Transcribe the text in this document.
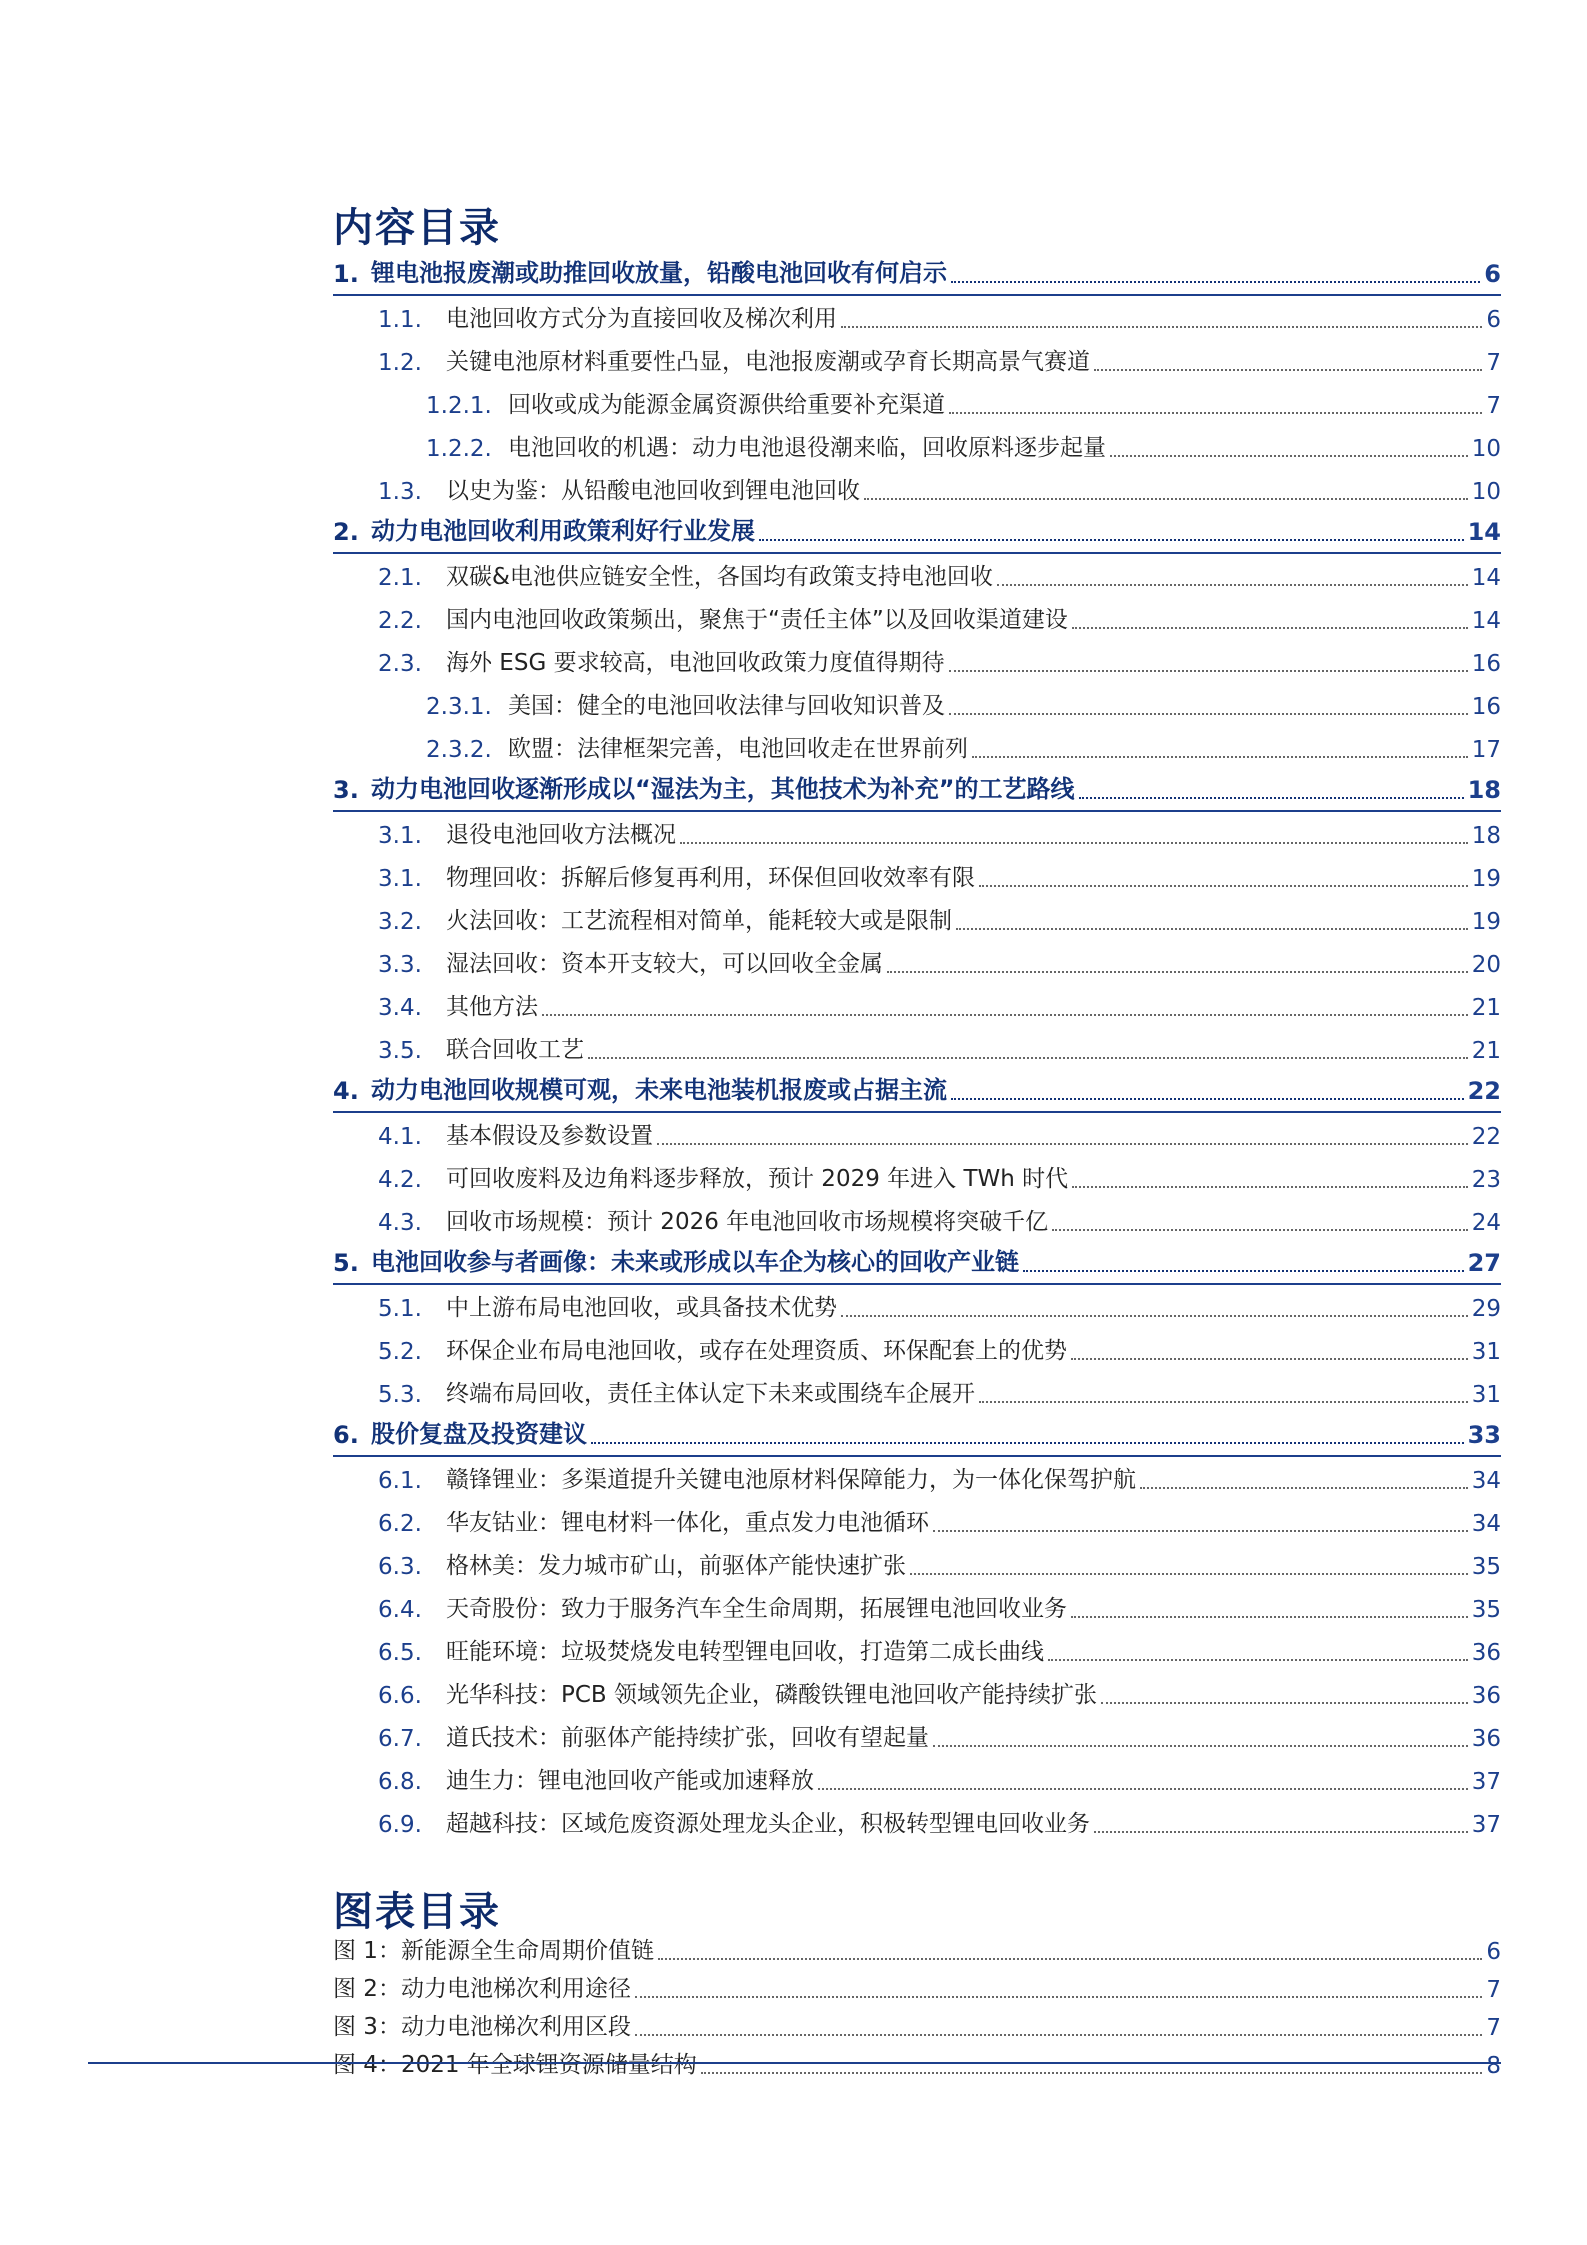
内容目录
1. 锂电池报废潮或助推回收放量，铅酸电池回收有何启示	6
1.1.	电池回收方式分为直接回收及梯次利用	6
1.2.	关键电池原材料重要性凸显，电池报废潮或孕育长期高景气赛道	7
1.2.1. 回收或成为能源金属资源供给重要补充渠道	7
1.2.2. 电池回收的机遇：动力电池退役潮来临，回收原料逐步起量	10
1.3.	以史为鉴：从铅酸电池回收到锂电池回收	10
2. 动力电池回收利用政策利好行业发展	14
2.1.	双碳&电池供应链安全性，各国均有政策支持电池回收	14
2.2.	国内电池回收政策频出，聚焦于“责任主体”以及回收渠道建设	14
2.3.	海外 ESG 要求较高，电池回收政策力度值得期待	16
2.3.1. 美国：健全的电池回收法律与回收知识普及	16
2.3.2. 欧盟：法律框架完善，电池回收走在世界前列	17
3. 动力电池回收逐渐形成以“湿法为主，其他技术为补充”的工艺路线	18
3.1.	退役电池回收方法概况	18
3.1.	物理回收：拆解后修复再利用，环保但回收效率有限	19
3.2.	火法回收：工艺流程相对简单，能耗较大或是限制	19
3.3.	湿法回收：资本开支较大，可以回收全金属	20
3.4.	其他方法	21
3.5.	联合回收工艺	21
4. 动力电池回收规模可观，未来电池装机报废或占据主流	22
4.1.	基本假设及参数设置	22
4.2.	可回收废料及边角料逐步释放，预计 2029 年进入 TWh 时代	23
4.3.	回收市场规模：预计 2026 年电池回收市场规模将突破千亿	24
5. 电池回收参与者画像：未来或形成以车企为核心的回收产业链	27
5.1.	中上游布局电池回收，或具备技术优势	29
5.2.	环保企业布局电池回收，或存在处理资质、环保配套上的优势	31
5.3.	终端布局回收，责任主体认定下未来或围绕车企展开	31
6. 股价复盘及投资建议	33
6.1.	赣锋锂业：多渠道提升关键电池原材料保障能力，为一体化保驾护航	34
6.2.	华友钴业：锂电材料一体化，重点发力电池循环	34
6.3.	格林美：发力城市矿山，前驱体产能快速扩张	35
6.4.	天奇股份：致力于服务汽车全生命周期，拓展锂电池回收业务	35
6.5.	旺能环境：垃圾焚烧发电转型锂电回收，打造第二成长曲线	36
6.6.	光华科技：PCB 领域领先企业，磷酸铁锂电池回收产能持续扩张	36
6.7.	道氏技术：前驱体产能持续扩张，回收有望起量	36
6.8.	迪生力：锂电池回收产能或加速释放	37
6.9.	超越科技：区域危废资源处理龙头企业，积极转型锂电回收业务	37
图表目录
图 1：新能源全生命周期价值链	6
图 2：动力电池梯次利用途径	7
图 3：动力电池梯次利用区段	7
图 4：2021 年全球锂资源储量结构	8
